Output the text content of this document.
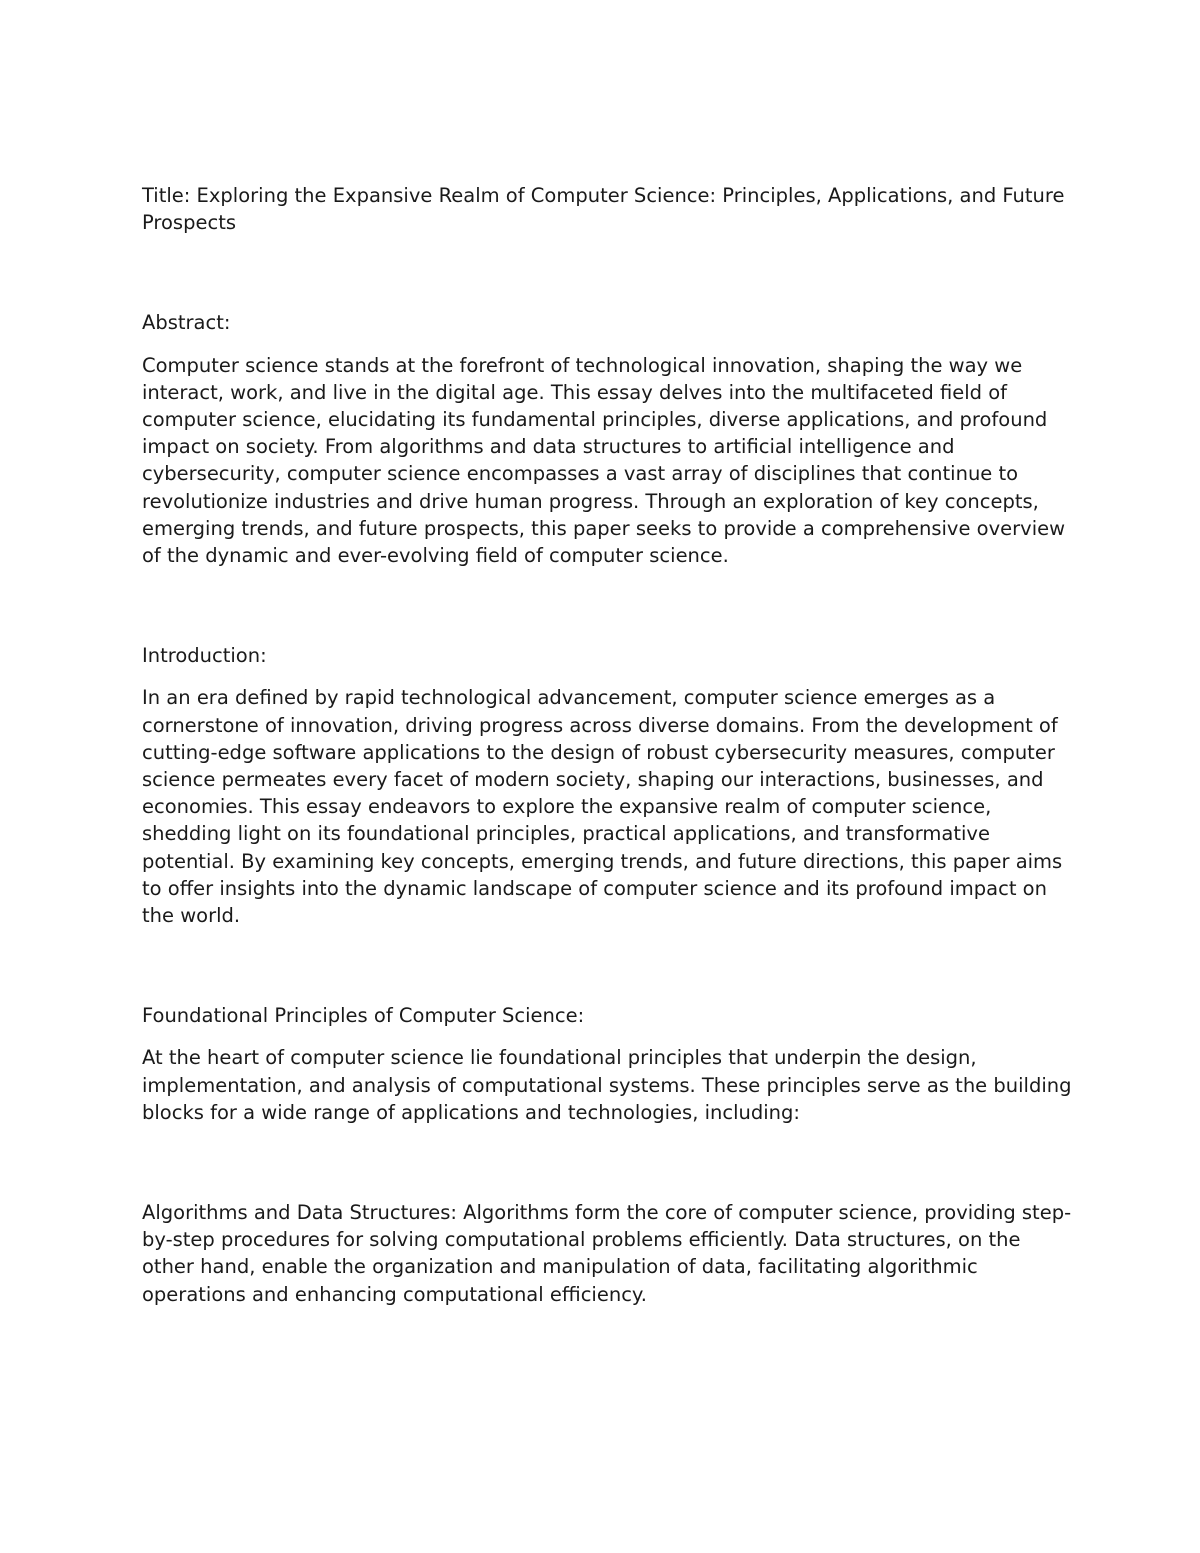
Title: Exploring the Expansive Realm of Computer Science: Principles, Applications, and Future Prospects

Abstract:

Computer science stands at the forefront of technological innovation, shaping the way we interact, work, and live in the digital age. This essay delves into the multifaceted field of computer science, elucidating its fundamental principles, diverse applications, and profound impact on society. From algorithms and data structures to artificial intelligence and cybersecurity, computer science encompasses a vast array of disciplines that continue to revolutionize industries and drive human progress. Through an exploration of key concepts, emerging trends, and future prospects, this paper seeks to provide a comprehensive overview of the dynamic and ever-evolving field of computer science.

Introduction:

In an era defined by rapid technological advancement, computer science emerges as a cornerstone of innovation, driving progress across diverse domains. From the development of cutting-edge software applications to the design of robust cybersecurity measures, computer science permeates every facet of modern society, shaping our interactions, businesses, and economies. This essay endeavors to explore the expansive realm of computer science, shedding light on its foundational principles, practical applications, and transformative potential. By examining key concepts, emerging trends, and future directions, this paper aims to offer insights into the dynamic landscape of computer science and its profound impact on the world.

Foundational Principles of Computer Science:

At the heart of computer science lie foundational principles that underpin the design, implementation, and analysis of computational systems. These principles serve as the building blocks for a wide range of applications and technologies, including:

Algorithms and Data Structures: Algorithms form the core of computer science, providing step-by-step procedures for solving computational problems efficiently. Data structures, on the other hand, enable the organization and manipulation of data, facilitating algorithmic operations and enhancing computational efficiency.
